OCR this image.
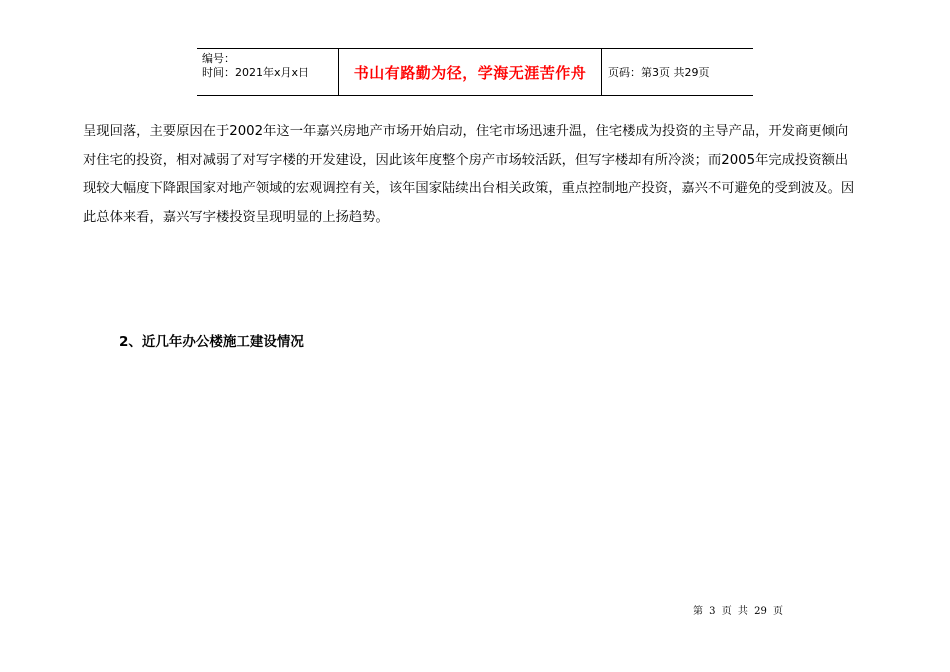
编号：
时间：2021年x月x日	书山有路勤为径，学海无涯苦作舟	页码：第3页 共29页

呈现回落，主要原因在于2002年这一年嘉兴房地产市场开始启动，住宅市场迅速升温，住宅楼成为投资的主导产品，开发商更倾向

对住宅的投资，相对减弱了对写字楼的开发建设，因此该年度整个房产市场较活跃，但写字楼却有所冷淡；而2005年完成投资额出

现较大幅度下降跟国家对地产领域的宏观调控有关，该年国家陆续出台相关政策，重点控制地产投资，嘉兴不可避免的受到波及。因

此总体来看，嘉兴写字楼投资呈现明显的上扬趋势。

2、近几年办公楼施工建设情况
第 3 页 共 29 页
